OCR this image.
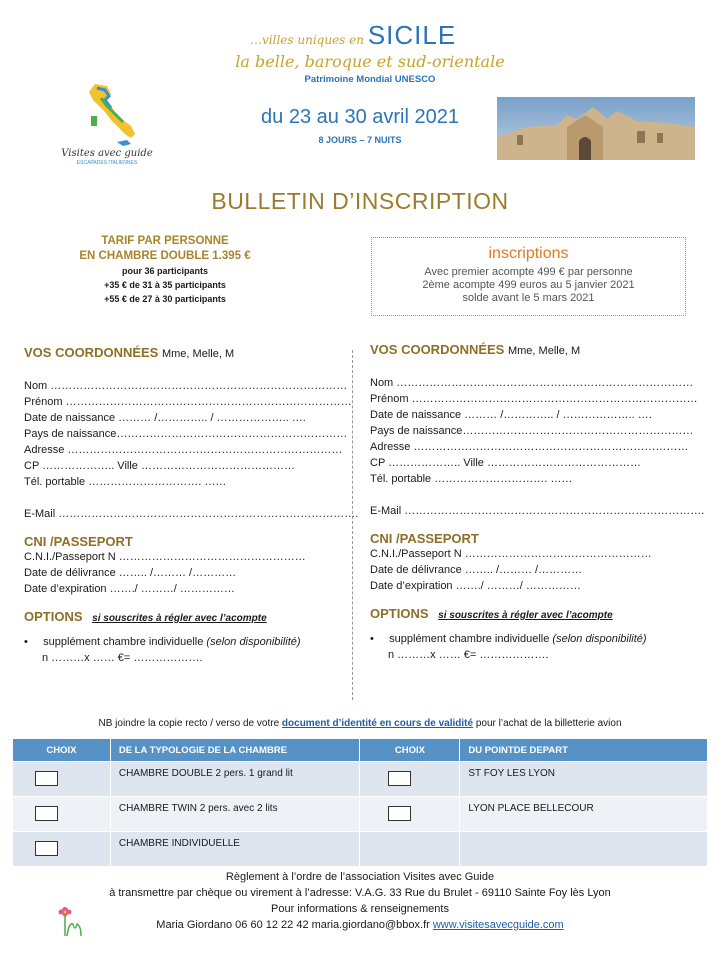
…villes uniques en SICILE
la belle, baroque et sud-orientale
Patrimoine Mondial UNESCO
du 23 au 30 avril 2021
8 JOURS – 7 NUITS
Visites avec guide
ESCAPADES ITALIENNES
BULLETIN D’INSCRIPTION
TARIF PAR PERSONNE
EN CHAMBRE DOUBLE 1.395 €
pour 36 participants
+35 € de 31 à 35 participants
+55 € de 27 à 30 participants
inscriptions
Avec premier acompte 499 € par personne
2ème acompte 499 euros au 5 janvier 2021
solde avant le 5 mars 2021
VOS COORDONNÉES Mme, Melle, M
Nom ………………………………………………………………………
Prénom ……………………………………………………………………
Date de naissance ……… /………….. / ……………….. ….
Pays de naissance………………………………………………………
Adresse …………………………………………………………………
CP ……………….. Ville ……………………………………
Tél. portable …………………………. ……
E-Mail ……………………………………………………………………….
CNI /PASSEPORT
C.N.I./Passeport N ……………………………………………
Date de délivrance …….. /……… /…………
Date d’expiration ……./ ………/ ……………
OPTIONS si souscrites à régler avec l’acompte
•     supplément chambre individuelle (selon disponibilité)
n ………x …… €= ……………….
VOS COORDONNÉES Mme, Melle, M
Nom ………………………………………………………………………
Prénom ……………………………………………………………………
Date de naissance ……… /………….. / ……………….. ….
Pays de naissance………………………………………………………
Adresse …………………………………………………………………
CP ……………….. Ville ……………………………………
Tél. portable …………………………. ……
E-Mail ……………………………………………………………………….
CNI /PASSEPORT
C.N.I./Passeport N ……………………………………………
Date de délivrance …….. /……… /…………
Date d’expiration ……./ ………/ ……………
OPTIONS si souscrites à régler avec l’acompte
•     supplément chambre individuelle (selon disponibilité)
n ………x …… €= ……………….
NB joindre la copie recto / verso de votre document d’identité en cours de validité pour l’achat de la billetterie avion
CHOIX	DE LA TYPOLOGIE DE LA CHAMBRE	CHOIX	DU POINTDE DEPART

	CHAMBRE DOUBLE 2 pers. 1 grand lit		ST FOY LES LYON

	CHAMBRE TWIN 2 pers. avec 2 lits		LYON PLACE BELLECOUR

	CHAMBRE INDIVIDUELLE		
Règlement à l’ordre de l’association Visites avec Guide
à transmettre par chèque ou virement à l’adresse: V.A.G. 33 Rue du Brulet - 69110 Sainte Foy lès Lyon
Pour informations & renseignements
Maria Giordano 06 60 12 22 42 maria.giordano@bbox.fr www.visitesavecguide.com
